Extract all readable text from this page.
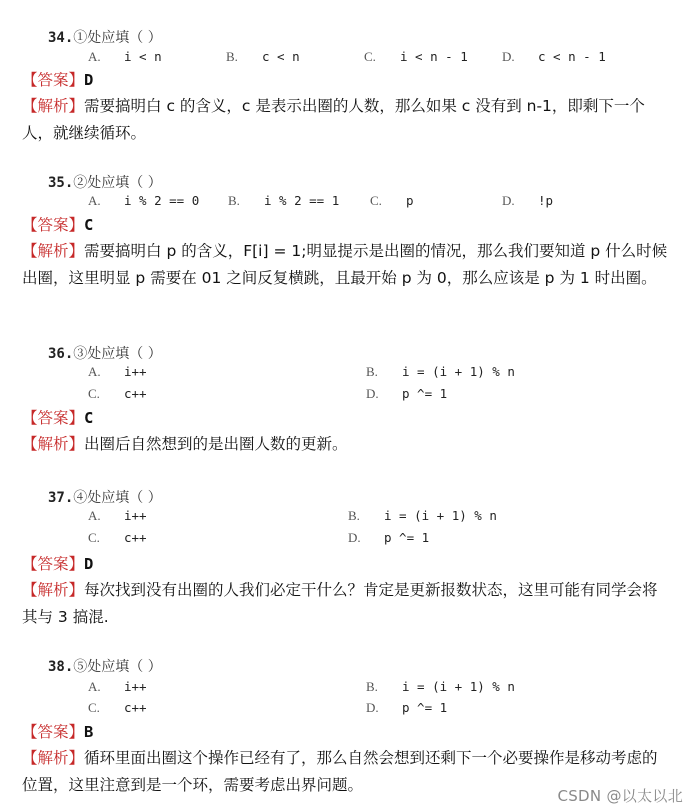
34.①处应填（ ）
A. i < n	B. c < n	C. i < n - 1	D. c < n - 1
【答案】D
【解析】需要搞明白 c 的含义，c 是表示出圈的人数，那么如果 c 没有到 n-1，即剩下一个人，就继续循环。
35.②处应填（ ）
A. i % 2 == 0 B. i % 2 == 1 C. p	D. !p
【答案】C
【解析】需要搞明白 p 的含义，F[i] = 1;明显提示是出圈的情况，那么我们要知道 p 什么时候出圈，这里明显 p 需要在 01 之间反复横跳，且最开始 p 为 0，那么应该是 p 为 1 时出圈。
36.③处应填（ ）
A. i++	B. i = (i + 1) % n
C. c++	D. p ^= 1
【答案】C
【解析】出圈后自然想到的是出圈人数的更新。
37.④处应填（ ）
A. i++	B. i = (i + 1) % n
C. c++	D. p ^= 1
【答案】D
【解析】每次找到没有出圈的人我们必定干什么？肯定是更新报数状态，这里可能有同学会将其与 3 搞混.
38.⑤处应填（ ）
A. i++	B. i = (i + 1) % n
C. c++	D. p ^= 1
【答案】B
【解析】循环里面出圈这个操作已经有了，那么自然会想到还剩下一个必要操作是移动考虑的位置，这里注意到是一个环，需要考虑出界问题。
CSDN @以太以北
